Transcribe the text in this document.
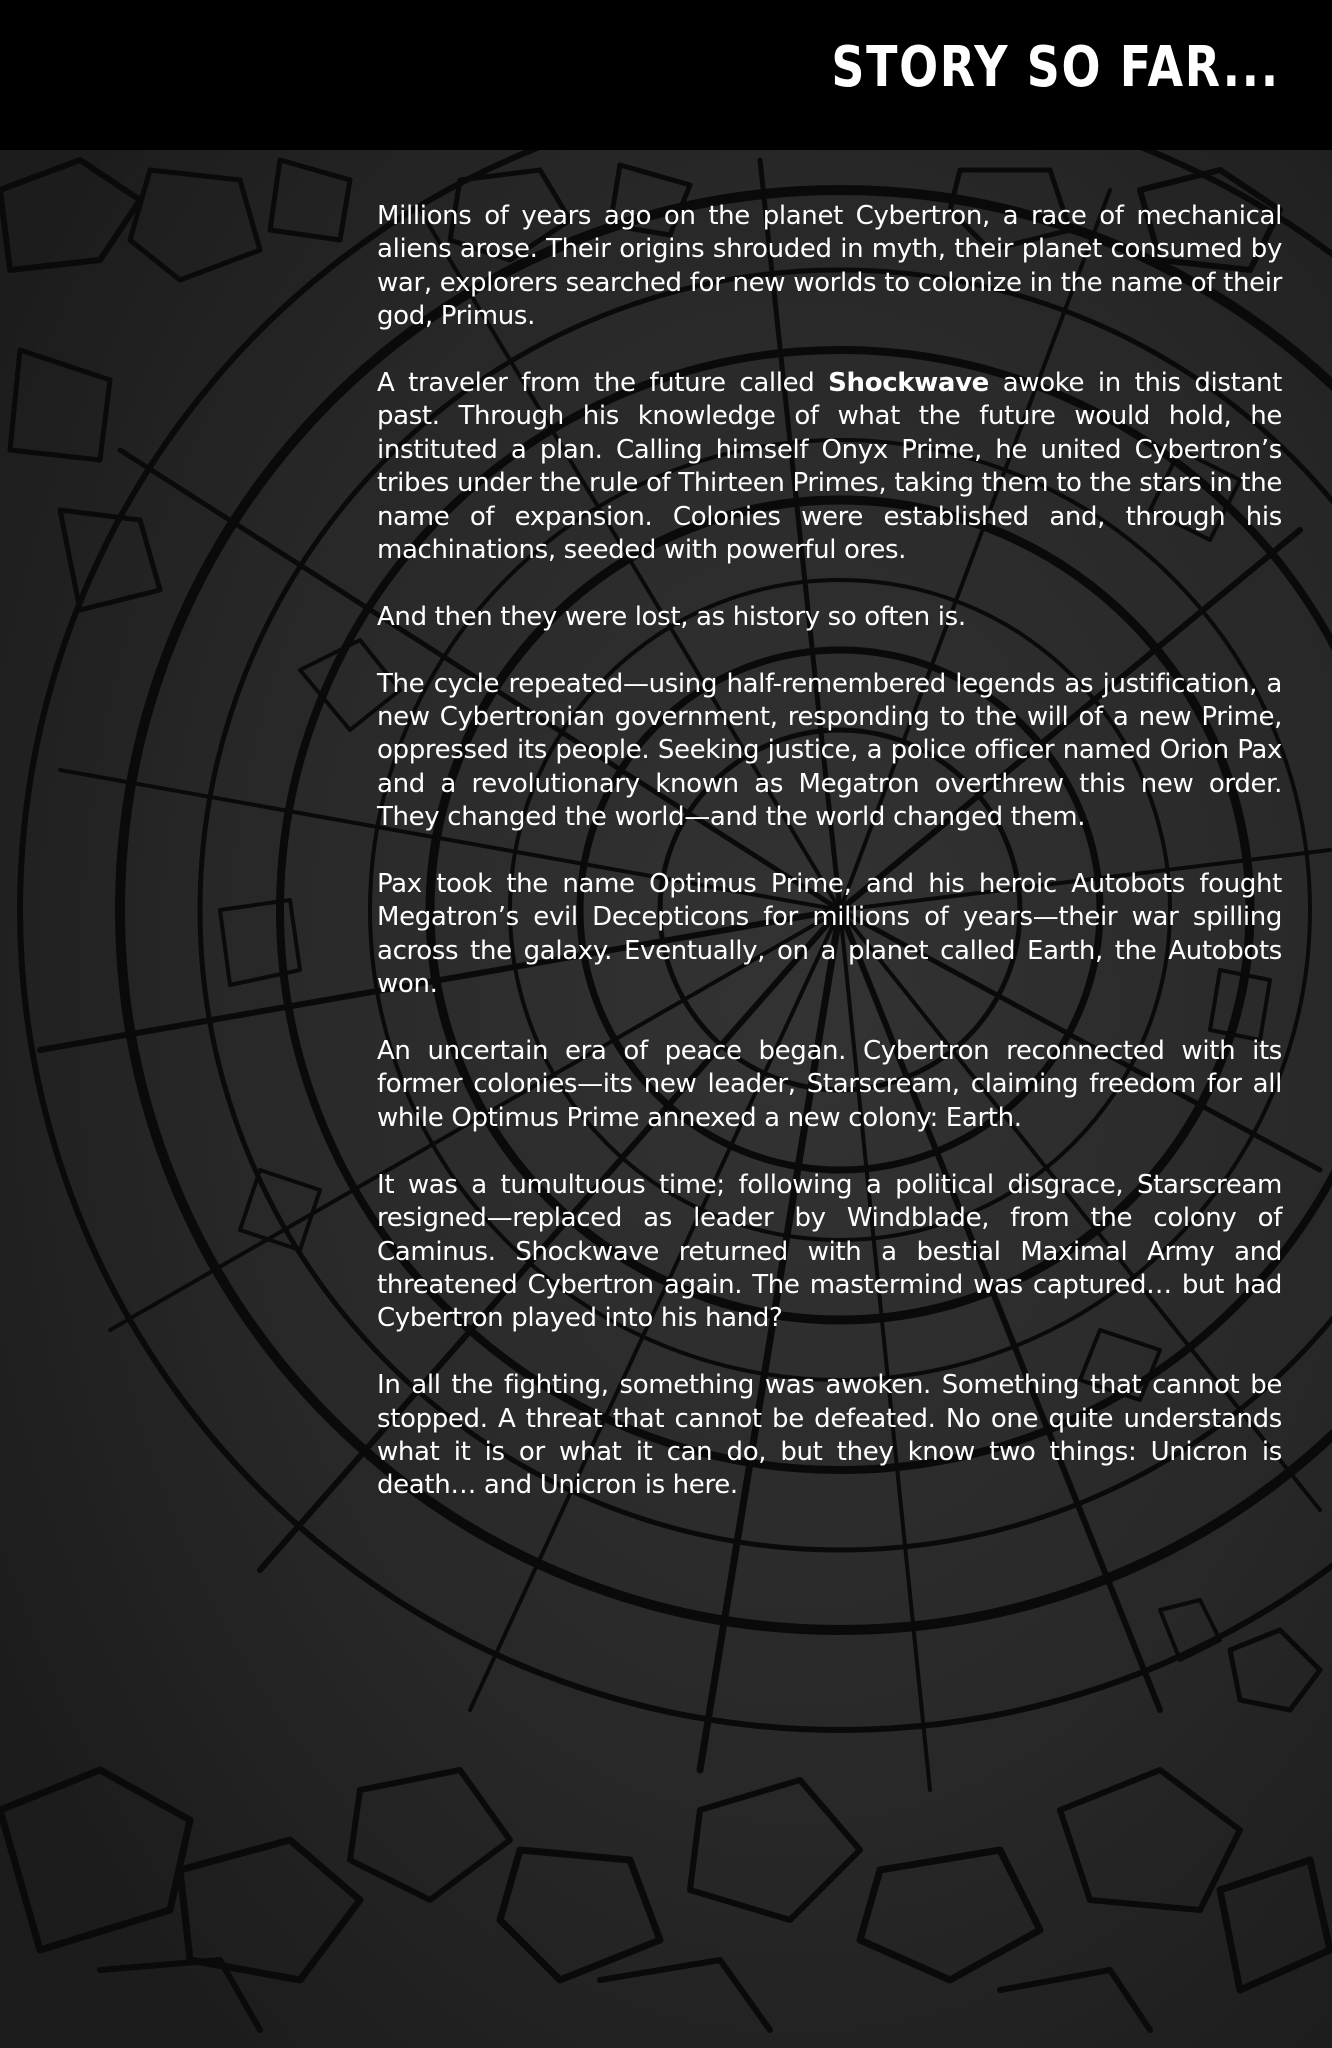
STORY SO FAR...

Millions of years ago on the planet Cybertron, a race of mechanical aliens arose. Their origins shrouded in myth, their planet consumed by war, explorers searched for new worlds to colonize in the name of their god, Primus.

A traveler from the future called Shockwave awoke in this distant past. Through his knowledge of what the future would hold, he instituted a plan. Calling himself Onyx Prime, he united Cybertron’s tribes under the rule of Thirteen Primes, taking them to the stars in the name of expansion. Colonies were established and, through his machinations, seeded with powerful ores.

And then they were lost, as history so often is.

The cycle repeated—using half-remembered legends as justification, a new Cybertronian government, responding to the will of a new Prime, oppressed its people. Seeking justice, a police officer named Orion Pax and a revolutionary known as Megatron overthrew this new order. They changed the world—and the world changed them.

Pax took the name Optimus Prime, and his heroic Autobots fought Megatron’s evil Decepticons for millions of years—their war spilling across the galaxy. Eventually, on a planet called Earth, the Autobots won.

An uncertain era of peace began. Cybertron reconnected with its former colonies—its new leader, Starscream, claiming freedom for all while Optimus Prime annexed a new colony: Earth.

It was a tumultuous time; following a political disgrace, Starscream resigned—replaced as leader by Windblade, from the colony of Caminus. Shockwave returned with a bestial Maximal Army and threatened Cybertron again. The mastermind was captured… but had Cybertron played into his hand?

In all the fighting, something was awoken. Something that cannot be stopped. A threat that cannot be defeated. No one quite understands what it is or what it can do, but they know two things: Unicron is death… and Unicron is here.
